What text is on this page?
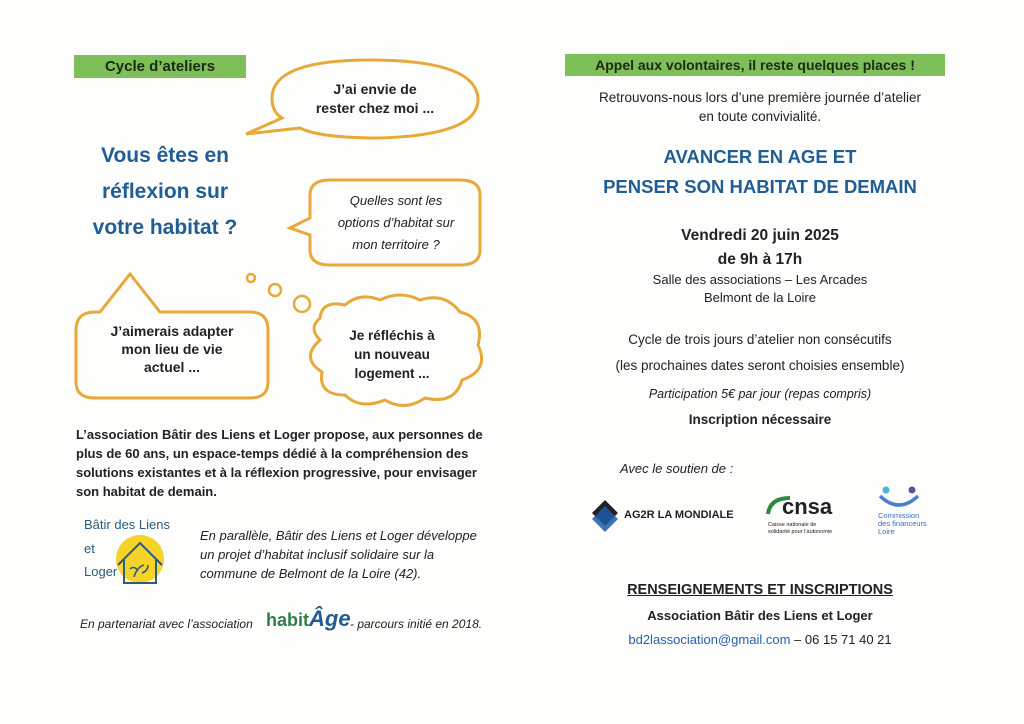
Cycle d’ateliers
J’ai envie de
rester chez moi ...
Vous êtes en
réflexion sur
votre habitat ?
Quelles sont les
options d’habitat sur
mon territoire ?
J’aimerais adapter
mon lieu de vie
actuel ...
Je réfléchis à
un nouveau
logement ...
L’association Bâtir des Liens et Loger propose, aux personnes de
plus de 60 ans, un espace-temps dédié à la compréhension des
solutions existantes et à la réflexion progressive, pour envisager
son habitat de demain.
Bâtir des Liens
et
Loger
En parallèle, Bâtir des Liens et Loger développe
un projet d’habitat inclusif solidaire sur la
commune de Belmont de la Loire (42).
En partenariat avec l’association habitÂge - parcours initié en 2018.
Appel aux volontaires, il reste quelques places !
Retrouvons-nous lors d’une première journée d’atelier
en toute convivialité.
AVANCER EN AGE ET
PENSER SON HABITAT DE DEMAIN
Vendredi 20 juin 2025
de 9h à 17h
Salle des associations – Les Arcades
Belmont de la Loire
Cycle de trois jours d’atelier non consécutifs
(les prochaines dates seront choisies ensemble)
Participation 5€ par jour (repas compris)
Inscription nécessaire
Avec le soutien de :
AG2R LA MONDIALE cnsa
Caisse nationale de
solidarité pour l’autonomie
Commission
des financeurs
Loire
RENSEIGNEMENTS ET INSCRIPTIONS
Association Bâtir des Liens et Loger
bd2lassociation@gmail.com – 06 15 71 40 21
